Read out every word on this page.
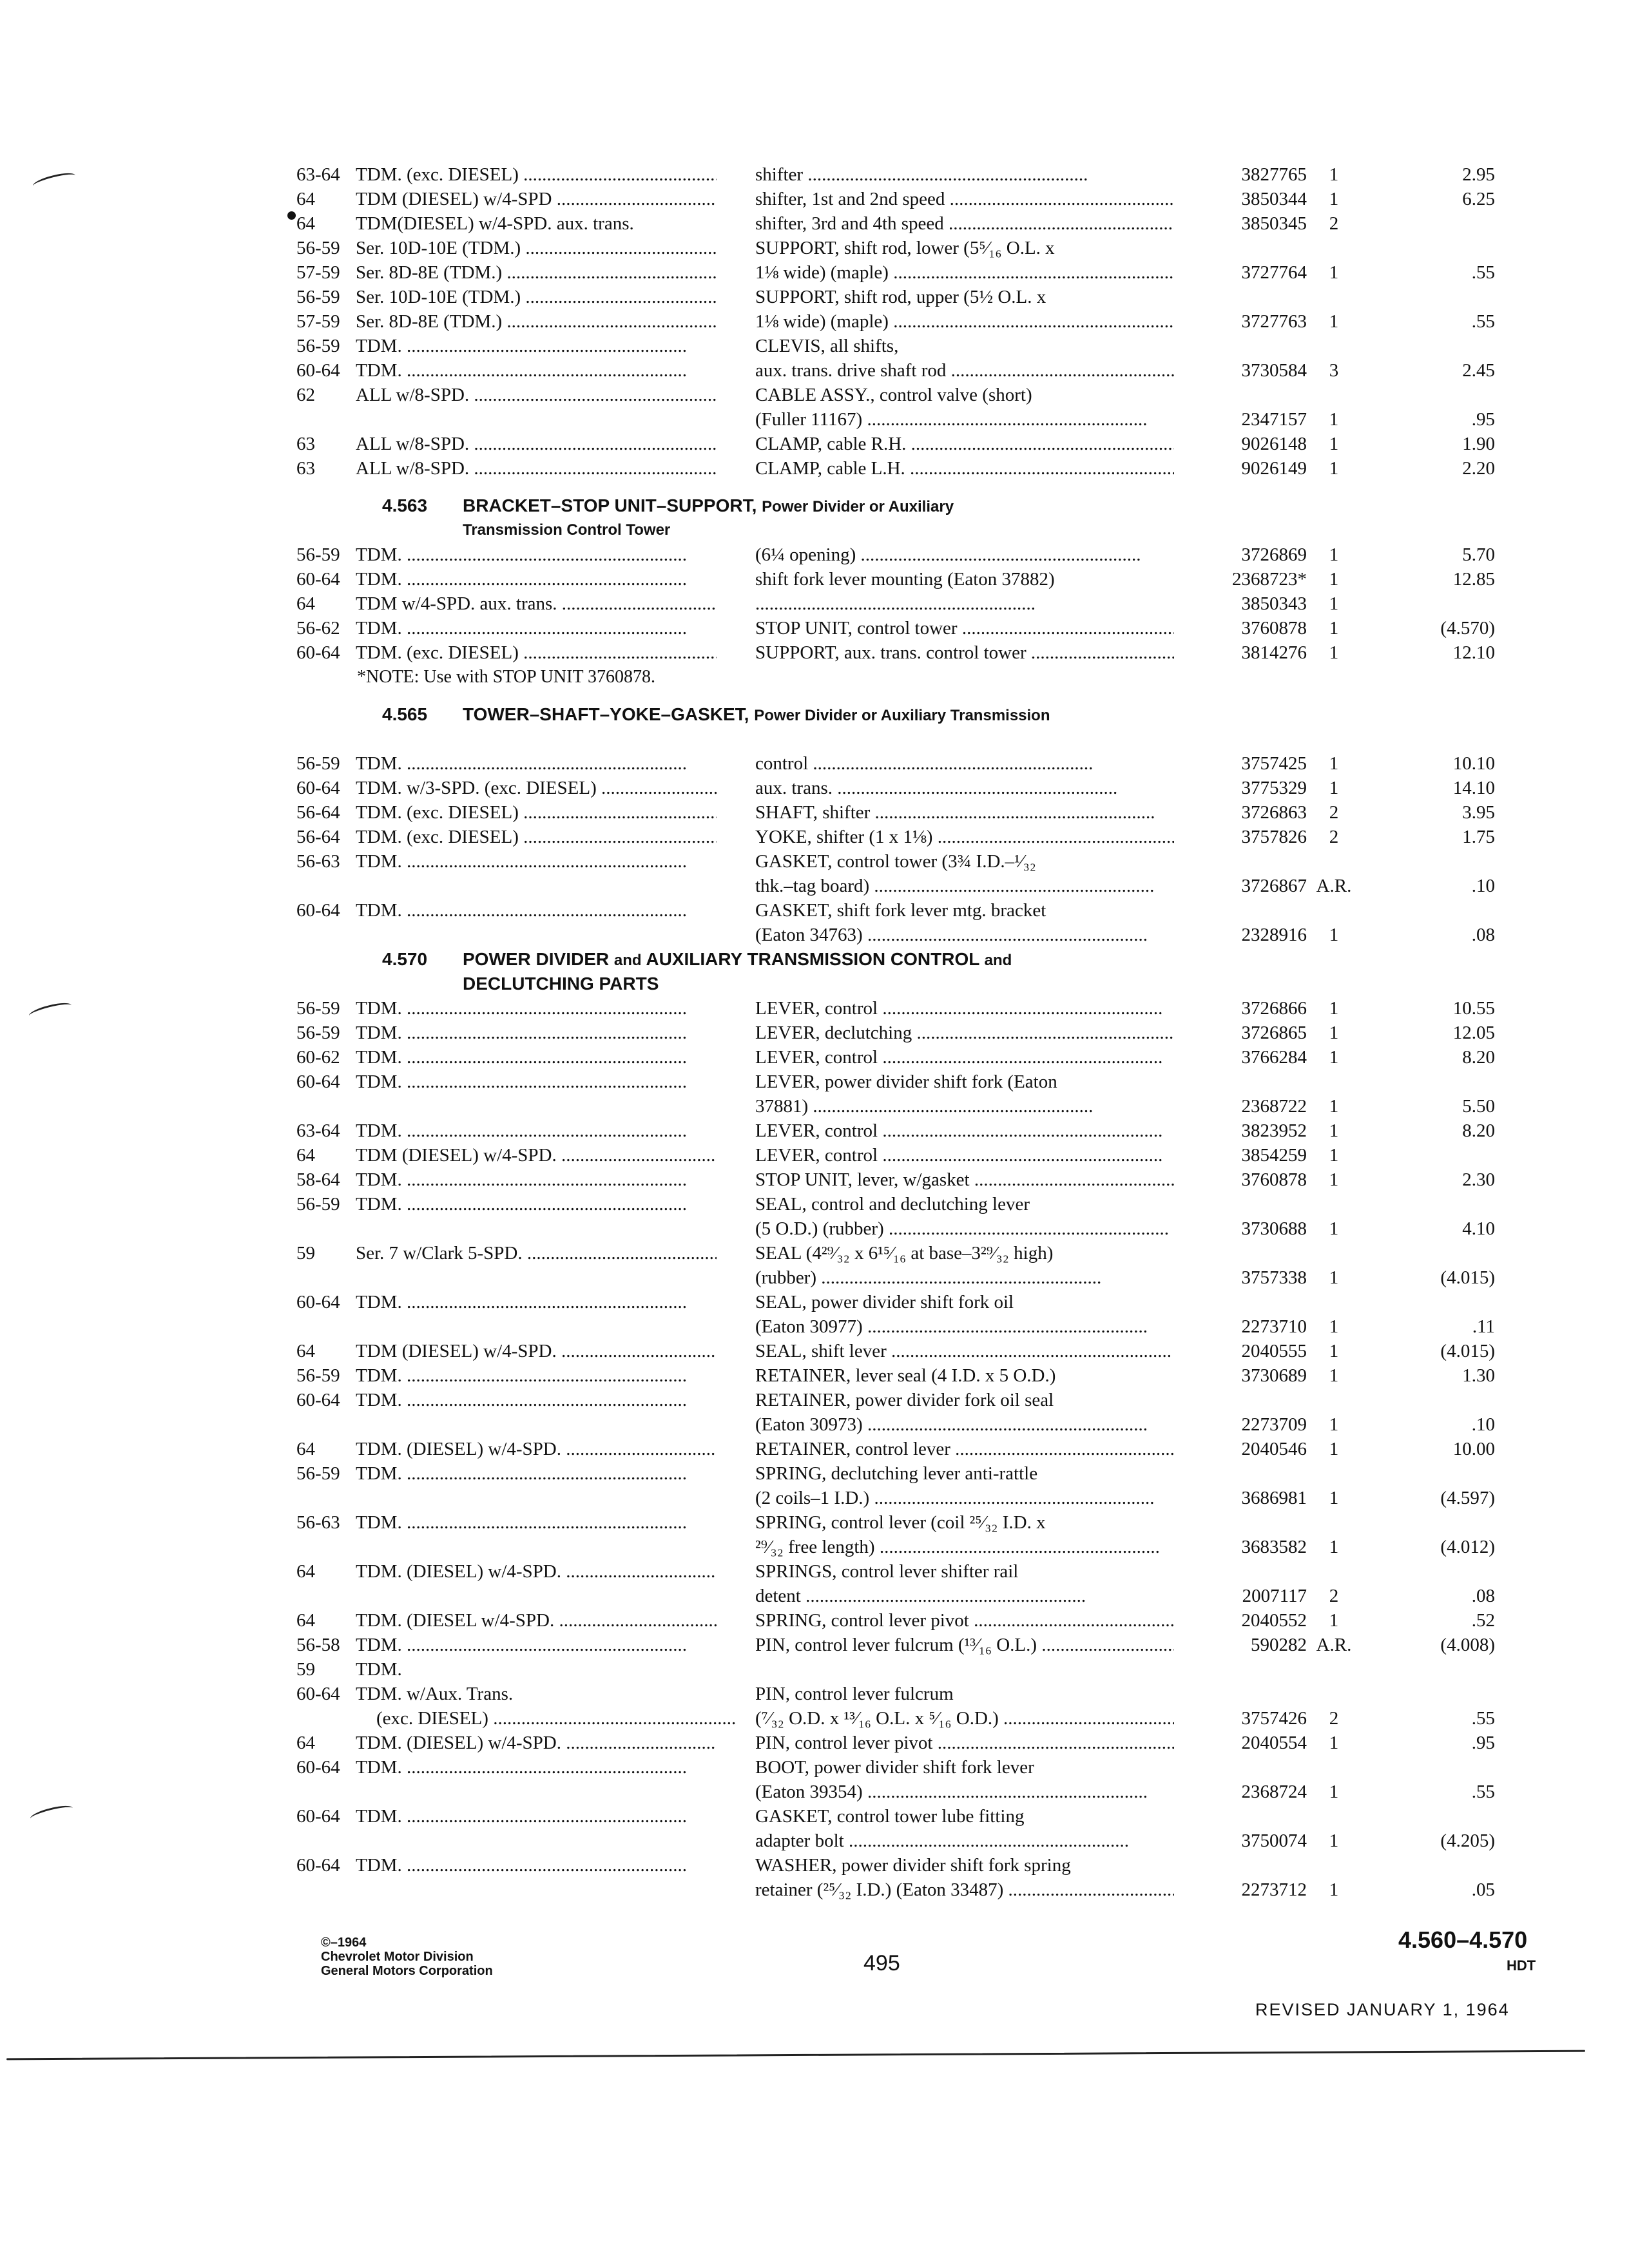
63-64 TDM. (exc. DIESEL) .....	shifter .....	3827765	1	2.95
64 TDM (DIESEL) w/4-SPD .....	shifter, 1st and 2nd speed .....	3850344	1	6.25
64 TDM(DIESEL) w/4-SPD. aux. trans.	shifter, 3rd and 4th speed .....	3850345	2
56-59 Ser. 10D-10E (TDM.) .....	SUPPORT, shift rod, lower (5⁵⁄₁₆ O.L. x
57-59 Ser. 8D-8E (TDM.) .....	1⅛ wide) (maple) .....	3727764	1	.55
56-59 Ser. 10D-10E (TDM.) .....	SUPPORT, shift rod, upper (5½ O.L. x
57-59 Ser. 8D-8E (TDM.) .....	1⅛ wide) (maple) .....	3727763	1	.55
56-59 TDM. .....	CLEVIS, all shifts,
60-64 TDM. .....	aux. trans. drive shaft rod .....	3730584	3	2.45
62 ALL w/8-SPD. .....	CABLE ASSY., control valve (short)
(Fuller 11167) .....	2347157	1	.95
63 ALL w/8-SPD. .....	CLAMP, cable R.H. .....	9026148	1	1.90
63 ALL w/8-SPD. .....	CLAMP, cable L.H. .....	9026149	1	2.20
4.563 BRACKET–STOP UNIT–SUPPORT, Power Divider or Auxiliary
Transmission Control Tower
56-59 TDM. .....	(6¼ opening) .....	3726869	1	5.70
60-64 TDM. .....	shift fork lever mounting (Eaton 37882)	2368723*	1	12.85
64 TDM w/4-SPD. aux. trans. .....
.....	3850343	1
56-62 TDM. .....	STOP UNIT, control tower .....	3760878	1	(4.570)
60-64 TDM. (exc. DIESEL) .....	SUPPORT, aux. trans. control tower .....	3814276	1	12.10
*NOTE: Use with STOP UNIT 3760878.
4.565 TOWER–SHAFT–YOKE–GASKET, Power Divider or Auxiliary Transmission
56-59 TDM. .....	control .....	3757425	1	10.10
60-64 TDM. w/3-SPD. (exc. DIESEL) .....	aux. trans. .....	3775329	1	14.10
56-64 TDM. (exc. DIESEL) .....	SHAFT, shifter .....	3726863	2	3.95
56-64 TDM. (exc. DIESEL) .....	YOKE, shifter (1 x 1⅛) .....	3757826	2	1.75
56-63 TDM. .....	GASKET, control tower (3¾ I.D.–¹⁄₃₂
thk.–tag board) .....	3726867 A.R.	.10
60-64 TDM. .....	GASKET, shift fork lever mtg. bracket
(Eaton 34763) .....	2328916	1	.08
4.570 POWER DIVIDER and AUXILIARY TRANSMISSION CONTROL and
DECLUTCHING PARTS
56-59 TDM. .....	LEVER, control .....	3726866	1	10.55
56-59 TDM. .....	LEVER, declutching .....	3726865	1	12.05
60-62 TDM. .....	LEVER, control .....	3766284	1	8.20
60-64 TDM. .....	LEVER, power divider shift fork (Eaton
37881) .....	2368722	1	5.50
63-64 TDM. .....	LEVER, control .....	3823952	1	8.20
64 TDM (DIESEL) w/4-SPD. .....	LEVER, control .....	3854259	1
58-64 TDM. .....	STOP UNIT, lever, w/gasket .....	3760878	1	2.30
56-59 TDM. .....	SEAL, control and declutching lever
(5 O.D.) (rubber) .....	3730688	1	4.10
59 Ser. 7 w/Clark 5-SPD. .....	SEAL (4²⁹⁄₃₂ x 6¹⁵⁄₁₆ at base–3²⁹⁄₃₂ high)
(rubber) .....	3757338	1	(4.015)
60-64 TDM. .....	SEAL, power divider shift fork oil
(Eaton 30977) .....	2273710	1	.11
64 TDM (DIESEL) w/4-SPD. .....	SEAL, shift lever .....	2040555	1	(4.015)
56-59 TDM. .....	RETAINER, lever seal (4 I.D. x 5 O.D.)	3730689	1	1.30
60-64 TDM. .....	RETAINER, power divider fork oil seal
(Eaton 30973) .....	2273709	1	.10
64 TDM. (DIESEL) w/4-SPD. .....	RETAINER, control lever .....	2040546	1	10.00
56-59 TDM. .....	SPRING, declutching lever anti-rattle
(2 coils–1 I.D.) .....	3686981	1	(4.597)
56-63 TDM. .....	SPRING, control lever (coil ²⁵⁄₃₂ I.D. x
²⁹⁄₃₂ free length) .....	3683582	1	(4.012)
64 TDM. (DIESEL) w/4-SPD. .....	SPRINGS, control lever shifter rail
detent .....	2007117	2	.08
64 TDM. (DIESEL w/4-SPD. .....	SPRING, control lever pivot .....	2040552	1	.52
56-58 TDM. .....	PIN, control lever fulcrum (¹³⁄₁₆ O.L.) .....	590282 A.R.	(4.008)
59 TDM.
60-64 TDM. w/Aux. Trans.	PIN, control lever fulcrum
(exc. DIESEL) .....	(⁷⁄₃₂ O.D. x ¹³⁄₁₆ O.L. x ⁵⁄₁₆ O.D.) .....	3757426	2	.55
64 TDM. (DIESEL) w/4-SPD. .....	PIN, control lever pivot .....	2040554	1	.95
60-64 TDM. .....	BOOT, power divider shift fork lever
(Eaton 39354) .....	2368724	1	.55
60-64 TDM. .....	GASKET, control tower lube fitting
adapter bolt .....	3750074	1	(4.205)
60-64 TDM. .....	WASHER, power divider shift fork spring
retainer (²⁵⁄₃₂ I.D.) (Eaton 33487) .....	2273712	1	.05
©–1964
Chevrolet Motor Division
General Motors Corporation	495
4.560–4.570
HDT
REVISED JANUARY 1, 1964
